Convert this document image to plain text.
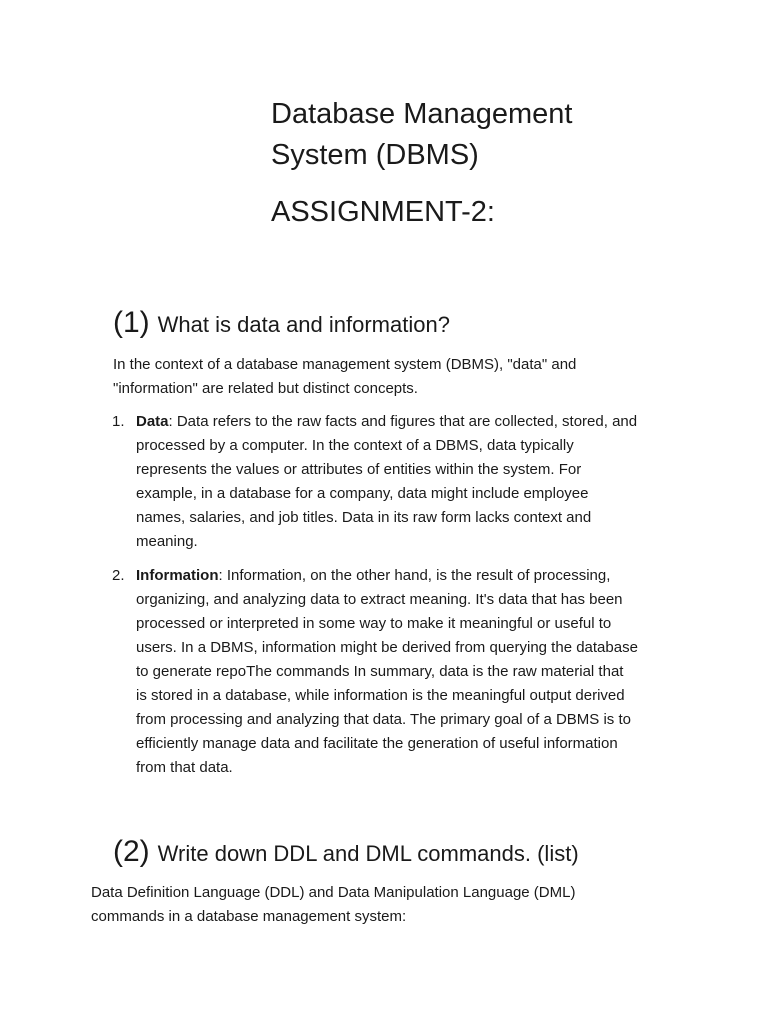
Database Management
System (DBMS)
ASSIGNMENT-2:
(1) What is data and information?

In the context of a database management system (DBMS), "data" and
"information" are related but distinct concepts.

1. Data: Data refers to the raw facts and figures that are collected, stored, and
processed by a computer. In the context of a DBMS, data typically
represents the values or attributes of entities within the system. For
example, in a database for a company, data might include employee
names, salaries, and job titles. Data in its raw form lacks context and
meaning.
2. Information: Information, on the other hand, is the result of processing,
organizing, and analyzing data to extract meaning. It's data that has been
processed or interpreted in some way to make it meaningful or useful to
users. In a DBMS, information might be derived from querying the database
to generate repoThe commands In summary, data is the raw material that
is stored in a database, while information is the meaningful output derived
from processing and analyzing that data. The primary goal of a DBMS is to
efficiently manage data and facilitate the generation of useful information
from that data.
(2) Write down DDL and DML commands. (list)

Data Definition Language (DDL) and Data Manipulation Language (DML)
commands in a database management system:
